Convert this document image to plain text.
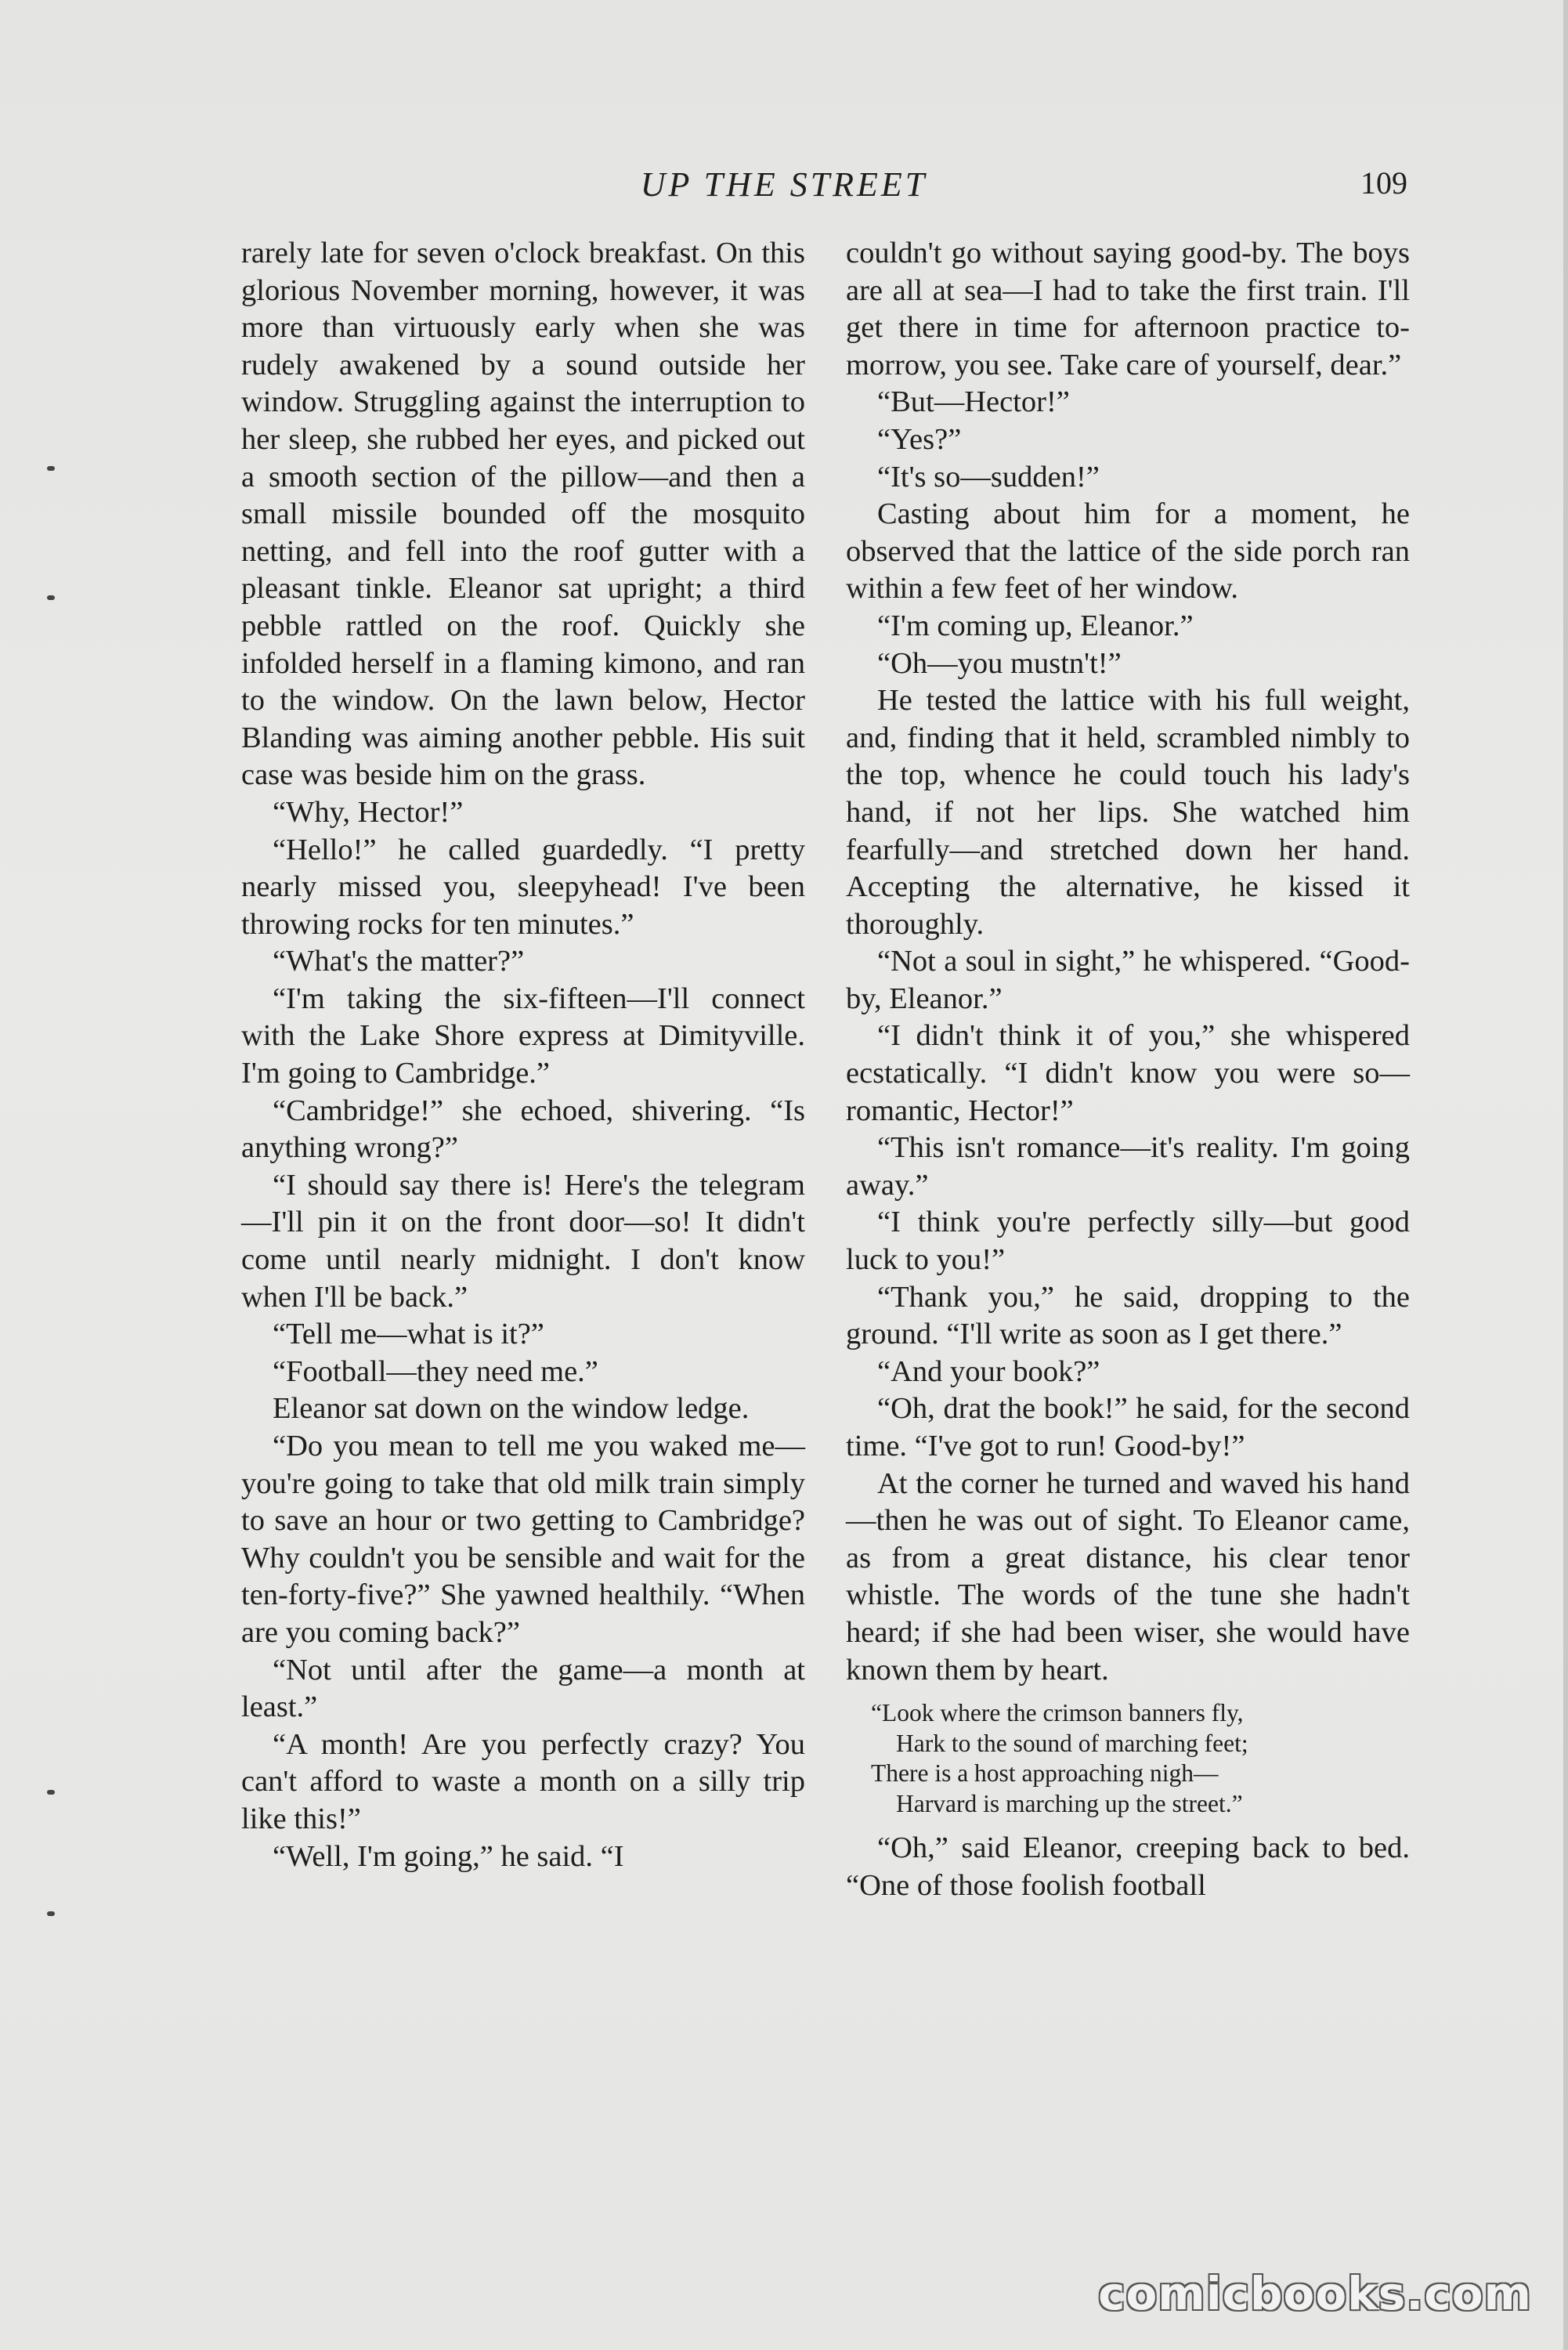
UP THE STREET	109

rarely late for seven o'clock breakfast. On this glorious November morning, however, it was more than virtuously early when she was rudely awakened by a sound outside her window. Struggling against the interruption to her sleep, she rubbed her eyes, and picked out a smooth section of the pillow—and then a small missile bounded off the mosquito netting, and fell into the roof gutter with a pleasant tinkle. Eleanor sat upright; a third pebble rattled on the roof. Quickly she infolded herself in a flaming kimono, and ran to the window. On the lawn below, Hector Blanding was aiming another pebble. His suit case was beside him on the grass.

“Why, Hector!”

“Hello!” he called guardedly. “I pretty nearly missed you, sleepyhead! I've been throwing rocks for ten minutes.”

“What's the matter?”

“I'm taking the six-fifteen—I'll connect with the Lake Shore express at Dimityville. I'm going to Cambridge.”

“Cambridge!” she echoed, shivering. “Is anything wrong?”

“I should say there is! Here's the telegram—I'll pin it on the front door—so! It didn't come until nearly midnight. I don't know when I'll be back.”

“Tell me—what is it?”

“Football—they need me.”

Eleanor sat down on the window ledge.

“Do you mean to tell me you waked me—you're going to take that old milk train simply to save an hour or two getting to Cambridge? Why couldn't you be sensible and wait for the ten-forty-five?” She yawned healthily. “When are you coming back?”

“Not until after the game—a month at least.”

“A month! Are you perfectly crazy? You can't afford to waste a month on a silly trip like this!”

“Well, I'm going,” he said. “I

couldn't go without saying good-by. The boys are all at sea—I had to take the first train. I'll get there in time for afternoon practice to-morrow, you see. Take care of yourself, dear.”

“But—Hector!”

“Yes?”

“It's so—sudden!”

Casting about him for a moment, he observed that the lattice of the side porch ran within a few feet of her window.

“I'm coming up, Eleanor.”

“Oh—you mustn't!”

He tested the lattice with his full weight, and, finding that it held, scrambled nimbly to the top, whence he could touch his lady's hand, if not her lips. She watched him fearfully—and stretched down her hand. Accepting the alternative, he kissed it thoroughly.

“Not a soul in sight,” he whispered. “Good-by, Eleanor.”

“I didn't think it of you,” she whispered ecstatically. “I didn't know you were so—romantic, Hector!”

“This isn't romance—it's reality. I'm going away.”

“I think you're perfectly silly—but good luck to you!”

“Thank you,” he said, dropping to the ground. “I'll write as soon as I get there.”

“And your book?”

“Oh, drat the book!” he said, for the second time. “I've got to run! Good-by!”

At the corner he turned and waved his hand—then he was out of sight. To Eleanor came, as from a great distance, his clear tenor whistle. The words of the tune she hadn't heard; if she had been wiser, she would have known them by heart.

“Look where the crimson banners fly,
Hark to the sound of marching feet;
There is a host approaching nigh—
Harvard is marching up the street.”

“Oh,” said Eleanor, creeping back to bed. “One of those foolish football

comicbooks.com
